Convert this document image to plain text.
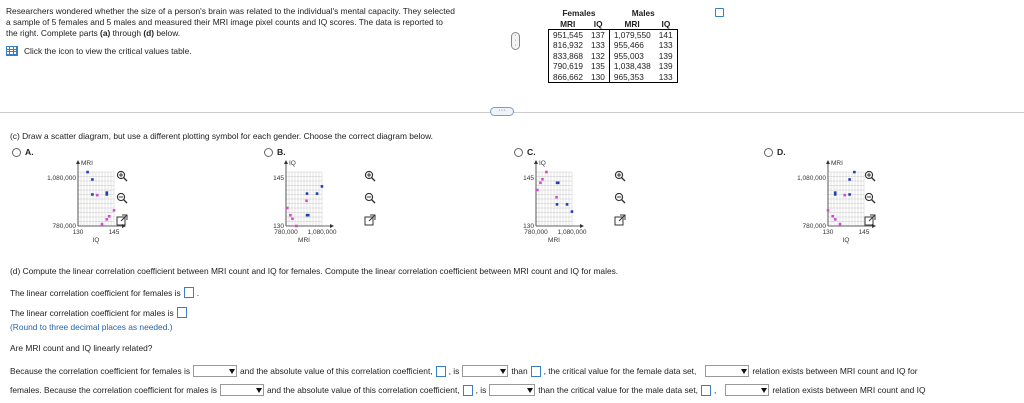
Researchers wondered whether the size of a person's brain was related to the individual's mental capacity. They selected
a sample of 5 females and 5 males and measured their MRI image pixel counts and IQ scores. The data is reported to
the right. Complete parts (a) through (d) below.
Click the icon to view the critical values table.
·
·
·
Females		Males	
MRI	IQ	MRI	IQ
951,545	137	1,079,550	141
816,932	133	955,466	133
833,868	132	955,003	139
790,619	135	1,038,438	139
866,662	130	965,353	133
···
(c) Draw a scatter diagram, but use a different plotting symbol for each gender. Choose the correct diagram below.
A.	B.	C.	D.
MRI
1,080,000
780,000
130	145
IQ
IQ
145
130
780,000 1,080,000
MRI
IQ
145
130
780,000 1,080,000
MRI
MRI
1,080,000
780,000
130	145
IQ
(d) Compute the linear correlation coefficient between MRI count and IQ for females. Compute the linear correlation coefficient between MRI count and IQ for males.
The linear correlation coefficient for females is .
The linear correlation coefficient for males is
(Round to three decimal places as needed.)
Are MRI count and IQ linearly related?
Because the correlation coefficient for females is	and the absolute value of this correlation coefficient, , is	than , the critical value for the female data set,	relation exists between MRI count and IQ for
females. Because the correlation coefficient for males is	and the absolute value of this correlation coefficient, , is	than the critical value for the male data set, ,	relation exists between MRI count and IQ
